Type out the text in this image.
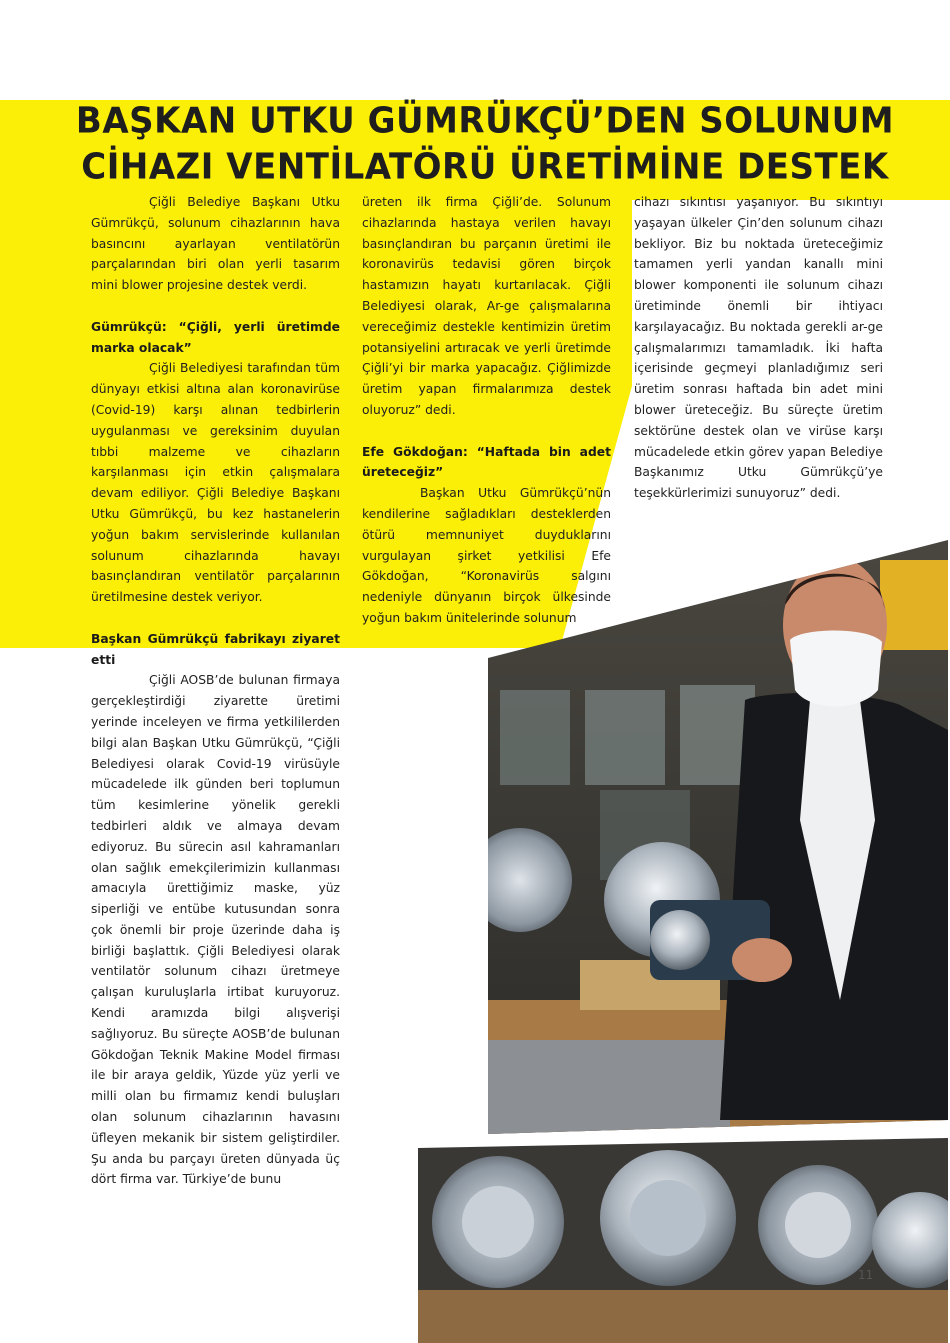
BAŞKAN UTKU GÜMRÜKÇÜ’DEN SOLUNUM
CİHAZI VENTİLATÖRÜ ÜRETİMİNE DESTEK

Çiğli Belediye Başkanı Utku Gümrükçü, solunum cihazlarının hava basıncını ayarlayan ventilatörün parçalarından biri olan yerli tasarım mini blower projesine destek verdi.

Gümrükçü: “Çiğli, yerli üretimde marka olacak”

Çiğli Belediyesi tarafından tüm dünyayı etkisi altına alan koronavirüse (Covid-19) karşı alınan tedbirlerin uygulanması ve gereksinim duyulan tıbbi malzeme ve cihazların karşılanması için etkin çalışmalara devam ediliyor. Çiğli Belediye Başkanı Utku Gümrükçü, bu kez hastanelerin yoğun bakım servislerinde kullanılan solunum cihazlarında havayı basınçlandıran ventilatör parçalarının üretilmesine destek veriyor.

Başkan Gümrükçü fabrikayı ziyaret etti

Çiğli AOSB’de bulunan firmaya gerçekleştirdiği ziyarette üretimi yerinde inceleyen ve firma yetkililerden bilgi alan Başkan Utku Gümrükçü, “Çiğli Belediyesi olarak Covid-19 virüsüyle mücadelede ilk günden beri toplumun tüm kesimlerine yönelik gerekli tedbirleri aldık ve almaya devam ediyoruz. Bu sürecin asıl kahramanları olan sağlık emekçilerimizin kullanması amacıyla ürettiğimiz maske, yüz siperliği ve entübe kutusundan sonra çok önemli bir proje üzerinde daha iş birliği başlattık. Çiğli Belediyesi olarak ventilatör solunum cihazı üretmeye çalışan kuruluşlarla irtibat kuruyoruz. Kendi aramızda bilgi alışverişi sağlıyoruz. Bu süreçte AOSB’de bulunan Gökdoğan Teknik Makine Model firması ile bir araya geldik, Yüzde yüz yerli ve milli olan bu firmamız kendi buluşları olan solunum cihazlarının havasını üfleyen mekanik bir sistem geliştirdiler. Şu anda bu parçayı üreten dünyada üç dört firma var. Türkiye’de bunu

üreten ilk firma Çiğli’de. Solunum cihazlarında hastaya verilen havayı basınçlandıran bu parçanın üretimi ile koronavirüs tedavisi gören birçok hastamızın hayatı kurtarılacak. Çiğli Belediyesi olarak, Ar-ge çalışmalarına vereceğimiz destekle kentimizin üretim potansiyelini artıracak ve yerli üretimde Çiğli’yi bir marka yapacağız. Çiğlimizde üretim yapan firmalarımıza destek oluyoruz” dedi.

Efe Gökdoğan: “Haftada bin adet üreteceğiz”

Başkan Utku Gümrükçü’nün kendilerine sağladıkları desteklerden ötürü memnuniyet duyduklarını vurgulayan şirket yetkilisi Efe Gökdoğan, “Koronavirüs salgını nedeniyle dünyanın birçok ülkesinde yoğun bakım ünitelerinde solunum

cihazı sıkıntısı yaşanıyor. Bu sıkıntıyı yaşayan ülkeler Çin’den solunum cihazı bekliyor. Biz bu noktada üreteceğimiz tamamen yerli yandan kanallı mini blower komponenti ile solunum cihazı üretiminde önemli bir ihtiyacı karşılayacağız. Bu noktada gerekli ar-ge çalışmalarımızı tamamladık. İki hafta içerisinde geçmeyi planladığımız seri üretim sonrası haftada bin adet mini blower üreteceğiz. Bu süreçte üretim sektörüne destek olan ve virüse karşı mücadelede etkin görev yapan Belediye Başkanımız Utku Gümrükçü’ye teşekkürlerimizi sunuyoruz” dedi.

11
